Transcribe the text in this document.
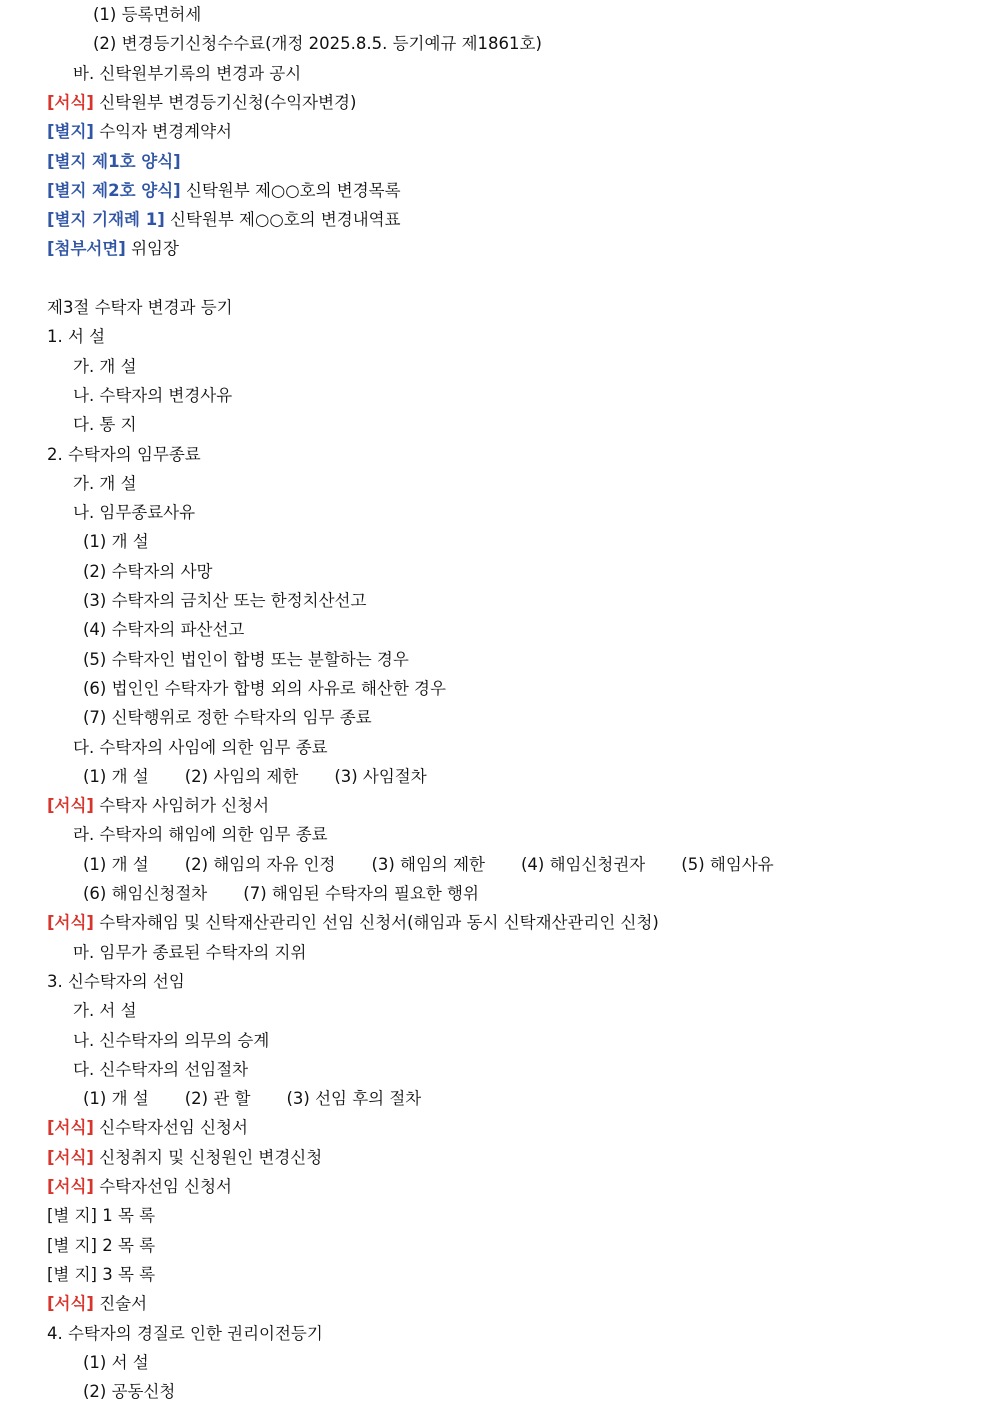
(1) 등록면허세
(2) 변경등기신청수수료(개정 2025.8.5. 등기예규 제1861호)
바. 신탁원부기록의 변경과 공시
[서식] 신탁원부 변경등기신청(수익자변경)
[별지] 수익자 변경계약서
[별지 제1호 양식]
[별지 제2호 양식] 신탁원부 제○○호의 변경목록
[별지 기재례 1] 신탁원부 제○○호의 변경내역표
[첨부서면] 위임장
제3절 수탁자 변경과 등기
1. 서 설
가. 개 설
나. 수탁자의 변경사유
다. 통 지
2. 수탁자의 임무종료
가. 개 설
나. 임무종료사유
(1) 개 설
(2) 수탁자의 사망
(3) 수탁자의 금치산 또는 한정치산선고
(4) 수탁자의 파산선고
(5) 수탁자인 법인이 합병 또는 분할하는 경우
(6) 법인인 수탁자가 합병 외의 사유로 해산한 경우
(7) 신탁행위로 정한 수탁자의 임무 종료
다. 수탁자의 사임에 의한 임무 종료
(1) 개 설 (2) 사임의 제한 (3) 사임절차
[서식] 수탁자 사임허가 신청서
라. 수탁자의 해임에 의한 임무 종료
(1) 개 설 (2) 해임의 자유 인정 (3) 해임의 제한 (4) 해임신청권자 (5) 해임사유
(6) 해임신청절차 (7) 해임된 수탁자의 필요한 행위
[서식] 수탁자해임 및 신탁재산관리인 선임 신청서(해임과 동시 신탁재산관리인 신청)
마. 임무가 종료된 수탁자의 지위
3. 신수탁자의 선임
가. 서 설
나. 신수탁자의 의무의 승계
다. 신수탁자의 선임절차
(1) 개 설 (2) 관 할 (3) 선임 후의 절차
[서식] 신수탁자선임 신청서
[서식] 신청취지 및 신청원인 변경신청
[서식] 수탁자선임 신청서
[별 지] 1 목 록
[별 지] 2 목 록
[별 지] 3 목 록
[서식] 진술서
4. 수탁자의 경질로 인한 권리이전등기
(1) 서 설
(2) 공동신청
